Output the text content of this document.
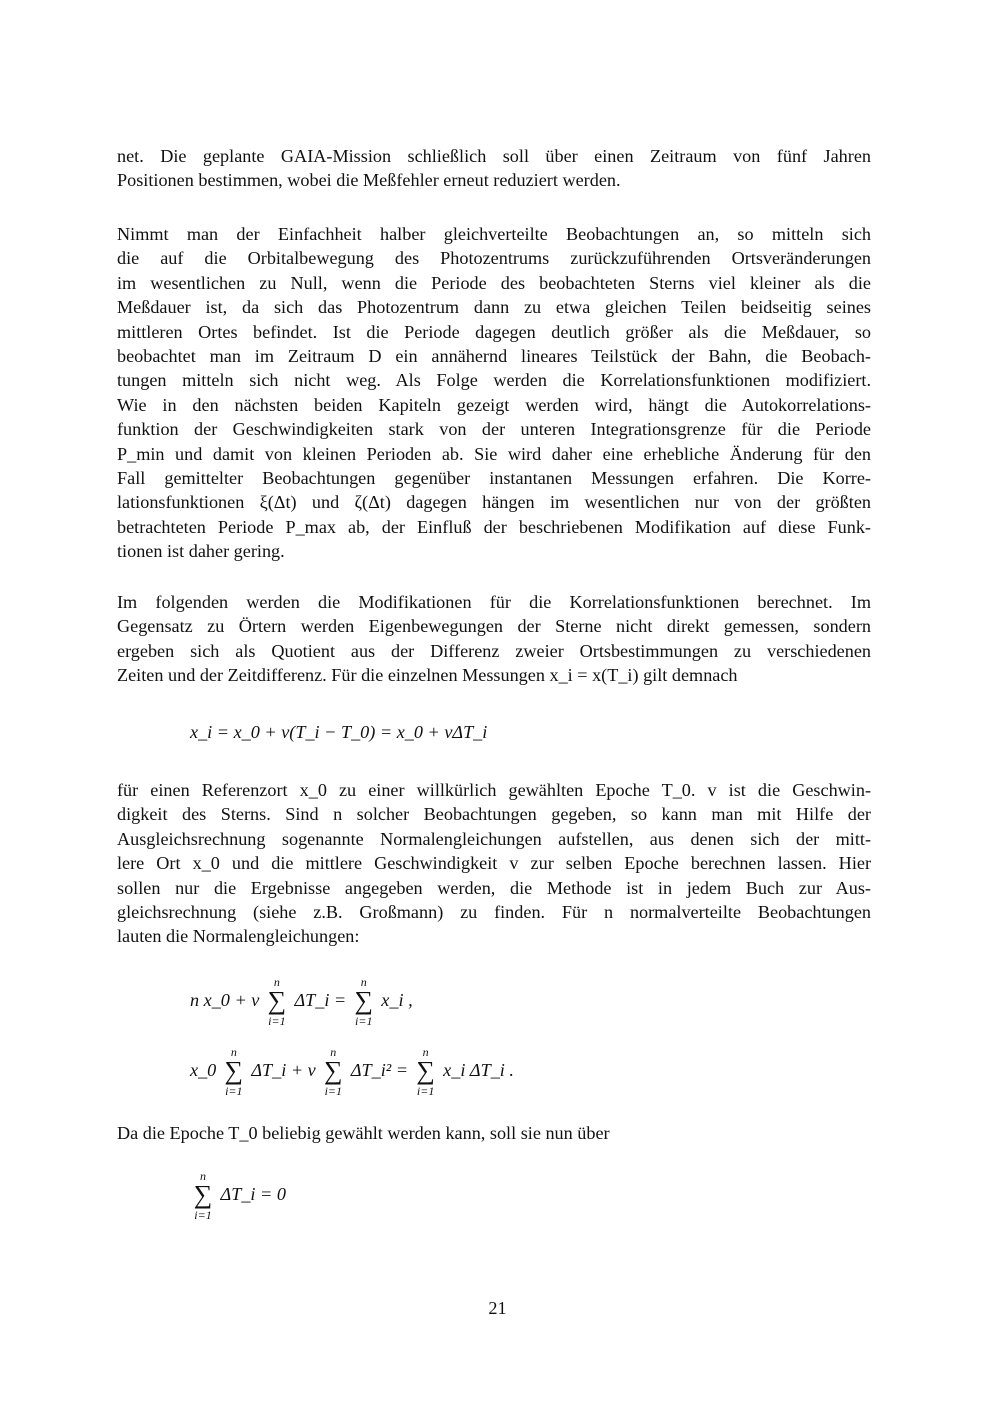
net. Die geplante GAIA-Mission schließlich soll über einen Zeitraum von fünf Jahren
Positionen bestimmen, wobei die Meßfehler erneut reduziert werden.

Nimmt man der Einfachheit halber gleichverteilte Beobachtungen an, so mitteln sich
die auf die Orbitalbewegung des Photozentrums zurückzuführenden Ortsveränderungen
im wesentlichen zu Null, wenn die Periode des beobachteten Sterns viel kleiner als die
Meßdauer ist, da sich das Photozentrum dann zu etwa gleichen Teilen beidseitig seines
mittleren Ortes befindet. Ist die Periode dagegen deutlich größer als die Meßdauer, so
beobachtet man im Zeitraum D ein annähernd lineares Teilstück der Bahn, die Beobach-
tungen mitteln sich nicht weg. Als Folge werden die Korrelationsfunktionen modifiziert.
Wie in den nächsten beiden Kapiteln gezeigt werden wird, hängt die Autokorrelations-
funktion der Geschwindigkeiten stark von der unteren Integrationsgrenze für die Periode
P_min und damit von kleinen Perioden ab. Sie wird daher eine erhebliche Änderung für den
Fall gemittelter Beobachtungen gegenüber instantanen Messungen erfahren. Die Korre-
lationsfunktionen ξ(Δt) und ζ(Δt) dagegen hängen im wesentlichen nur von der größten
betrachteten Periode P_max ab, der Einfluß der beschriebenen Modifikation auf diese Funk-
tionen ist daher gering.

Im folgenden werden die Modifikationen für die Korrelationsfunktionen berechnet. Im
Gegensatz zu Örtern werden Eigenbewegungen der Sterne nicht direkt gemessen, sondern
ergeben sich als Quotient aus der Differenz zweier Ortsbestimmungen zu verschiedenen
Zeiten und der Zeitdifferenz. Für die einzelnen Messungen x_i = x(T_i) gilt demnach

x_i = x_0 + v(T_i − T_0) = x_0 + vΔT_i

für einen Referenzort x_0 zu einer willkürlich gewählten Epoche T_0. v ist die Geschwin-
digkeit des Sterns. Sind n solcher Beobachtungen gegeben, so kann man mit Hilfe der
Ausgleichsrechnung sogenannte Normalengleichungen aufstellen, aus denen sich der mitt-
lere Ort x_0 und die mittlere Geschwindigkeit v zur selben Epoche berechnen lassen. Hier
sollen nur die Ergebnisse angegeben werden, die Methode ist in jedem Buch zur Aus-
gleichsrechnung (siehe z.B. Großmann) zu finden. Für n normalverteilte Beobachtungen
lauten die Normalengleichungen:

n x_0 + v
n
∑
i=1
ΔT_i =
n
∑
i=1
x_i ,
x_0
n
∑
i=1
ΔT_i + v
n
∑
i=1
ΔT_i² =
n
∑
i=1
x_i ΔT_i .

Da die Epoche T_0 beliebig gewählt werden kann, soll sie nun über

n
∑
i=1
ΔT_i = 0
21
